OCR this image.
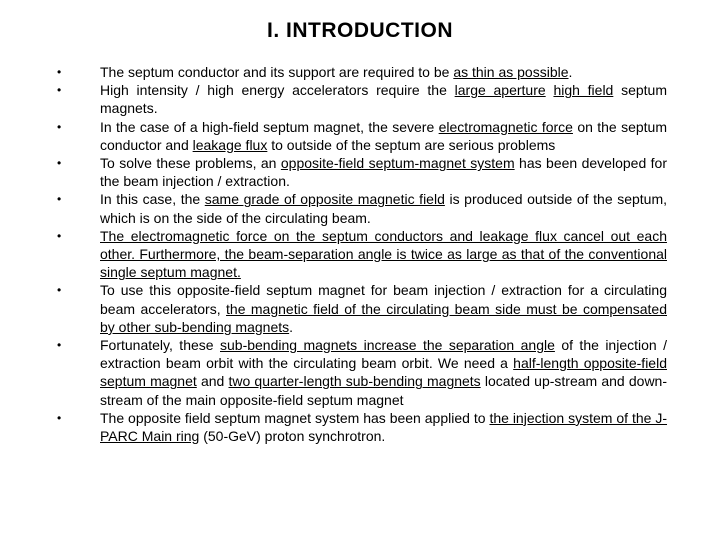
I. INTRODUCTION
•	The septum conductor and its support are required to be as thin as possible.
•	High intensity / high energy accelerators require the large aperture high field septum magnets.
•	In the case of a high-field septum magnet, the severe electromagnetic force on the septum conductor and leakage flux to outside of the septum are serious problems
•	To solve these problems, an opposite-field septum-magnet system has been developed for the beam injection / extraction.
•	In this case, the same grade of opposite magnetic field is produced outside of the septum, which is on the side of the circulating beam.
•	The electromagnetic force on the septum conductors and leakage flux cancel out each other. Furthermore, the beam-separation angle is twice as large as that of the conventional single septum magnet.
•	To use this opposite-field septum magnet for beam injection / extraction for a circulating beam accelerators, the magnetic field of the circulating beam side must be compensated by other sub-bending magnets.
•	Fortunately, these sub-bending magnets increase the separation angle of the injection / extraction beam orbit with the circulating beam orbit. We need a half-length opposite-field septum magnet and two quarter-length sub-bending magnets located up-stream and down-stream of the main opposite-field septum magnet
•	The opposite field septum magnet system has been applied to the injection system of the J-PARC Main ring (50-GeV) proton synchrotron.
